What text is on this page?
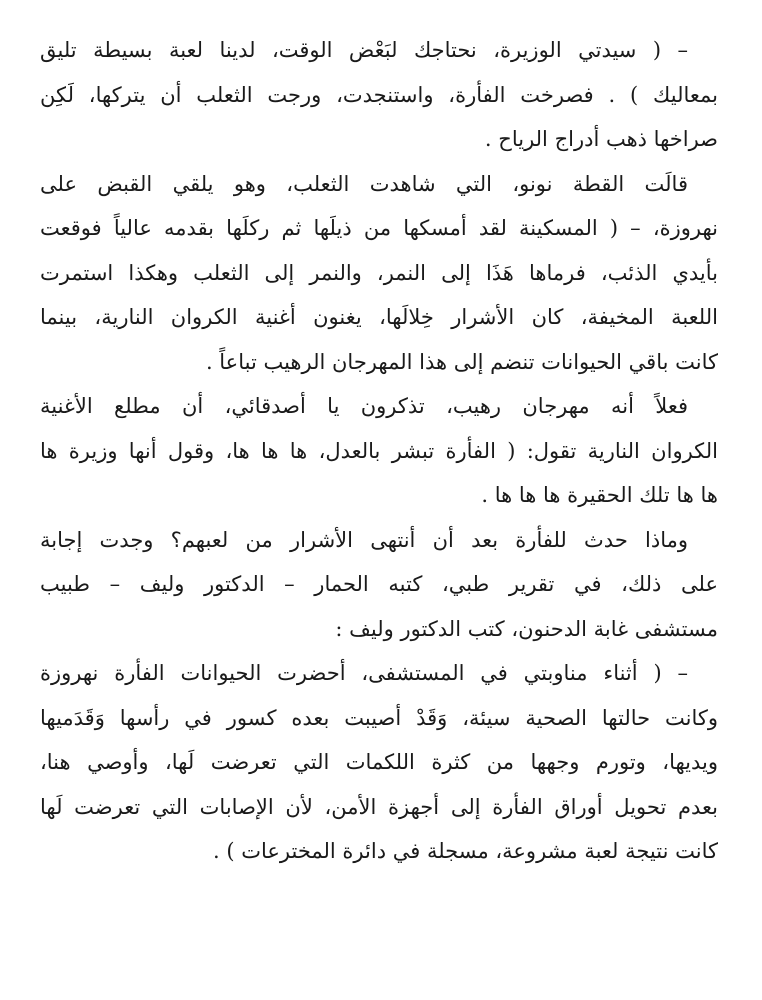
– ( سيدتي الوزيرة، نحتاجك لبَعْض الوقت، لدينا لعبة بسيطة تليق
بمعاليك ) . فصرخت الفأرة، واستنجدت، ورجت الثعلب أن يتركها، لَكِن
صراخها ذهب أدراج الرياح .

قالَت القطة نونو، التي شاهدت الثعلب، وهو يلقي القبض على
نهروزة، – ( المسكينة لقد أمسكها من ذيلَها ثم ركلَها بقدمه عالياً فوقعت
بأيدي الذئب، فرماها هَذَا إلى النمر، والنمر إلى الثعلب وهكذا استمرت
اللعبة المخيفة، كان الأشرار خِلالَها، يغنون أغنية الكروان النارية، بينما
كانت باقي الحيوانات تنضم إلى هذا المهرجان الرهيب تباعاً .

فعلاً أنه مهرجان رهيب، تذكرون يا أصدقائي، أن مطلع الأغنية
الكروان النارية تقول: ( الفأرة تبشر بالعدل، ها ها ها، وقول أنها وزيرة ها
ها ها تلك الحقيرة ها ها ها .

وماذا حدث للفأرة بعد أن أنتهى الأشرار من لعبهم؟ وجدت إجابة
على ذلك، في تقرير طبي، كتبه الحمار – الدكتور وليف – طبيب
مستشفى غابة الدحنون، كتب الدكتور وليف :

– ( أثناء مناوبتي في المستشفى، أحضرت الحيوانات الفأرة نهروزة
وكانت حالتها الصحية سيئة، وَقَدْ أصيبت بعده كسور في رأسها وَقَدَميها
ويديها، وتورم وجهها من كثرة اللكمات التي تعرضت لَها، وأوصي هنا،
بعدم تحويل أوراق الفأرة إلى أجهزة الأمن، لأن الإصابات التي تعرضت لَها
كانت نتيجة لعبة مشروعة، مسجلة في دائرة المخترعات ) .
